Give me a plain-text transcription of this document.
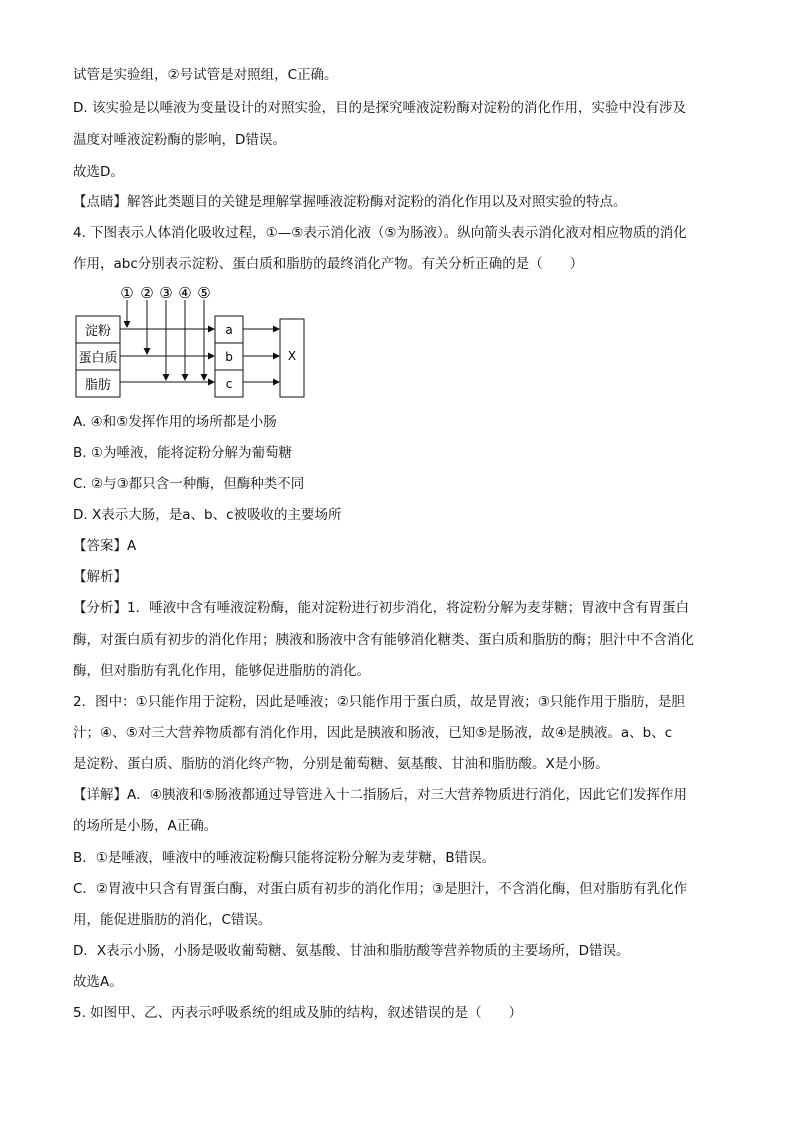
试管是实验组，②号试管是对照组，C正确。
D. 该实验是以唾液为变量设计的对照实验，目的是探究唾液淀粉酶对淀粉的消化作用，实验中没有涉及
温度对唾液淀粉酶的影响，D错误。
故选D。
【点睛】解答此类题目的关键是理解掌握唾液淀粉酶对淀粉的消化作用以及对照实验的特点。
4. 下图表示人体消化吸收过程，①—⑤表示消化液（⑤为肠液）。纵向箭头表示消化液对相应物质的消化
作用，abc分别表示淀粉、蛋白质和脂肪的最终消化产物。有关分析正确的是（　　）
淀粉
蛋白质
脂肪
a
b
c
X
① ② ③ ④ ⑤
A. ④和⑤发挥作用的场所都是小肠
B. ①为唾液，能将淀粉分解为葡萄糖
C. ②与③都只含一种酶，但酶种类不同
D. X表示大肠，是a、b、c被吸收的主要场所
【答案】A
【解析】
【分析】1．唾液中含有唾液淀粉酶，能对淀粉进行初步消化，将淀粉分解为麦芽糖；胃液中含有胃蛋白
酶，对蛋白质有初步的消化作用；胰液和肠液中含有能够消化糖类、蛋白质和脂肪的酶；胆汁中不含消化
酶，但对脂肪有乳化作用，能够促进脂肪的消化。
2．图中：①只能作用于淀粉，因此是唾液；②只能作用于蛋白质，故是胃液；③只能作用于脂肪，是胆
汁；④、⑤对三大营养物质都有消化作用，因此是胰液和肠液，已知⑤是肠液，故④是胰液。a、b、c
是淀粉、蛋白质、脂肪的消化终产物，分别是葡萄糖、氨基酸、甘油和脂肪酸。X是小肠。
【详解】A．④胰液和⑤肠液都通过导管进入十二指肠后，对三大营养物质进行消化，因此它们发挥作用
的场所是小肠，A正确。
B．①是唾液，唾液中的唾液淀粉酶只能将淀粉分解为麦芽糖，B错误。
C．②胃液中只含有胃蛋白酶，对蛋白质有初步的消化作用；③是胆汁，不含消化酶，但对脂肪有乳化作
用，能促进脂肪的消化，C错误。
D．X表示小肠，小肠是吸收葡萄糖、氨基酸、甘油和脂肪酸等营养物质的主要场所，D错误。
故选A。
5. 如图甲、乙、丙表示呼吸系统的组成及肺的结构，叙述错误的是（　　）
